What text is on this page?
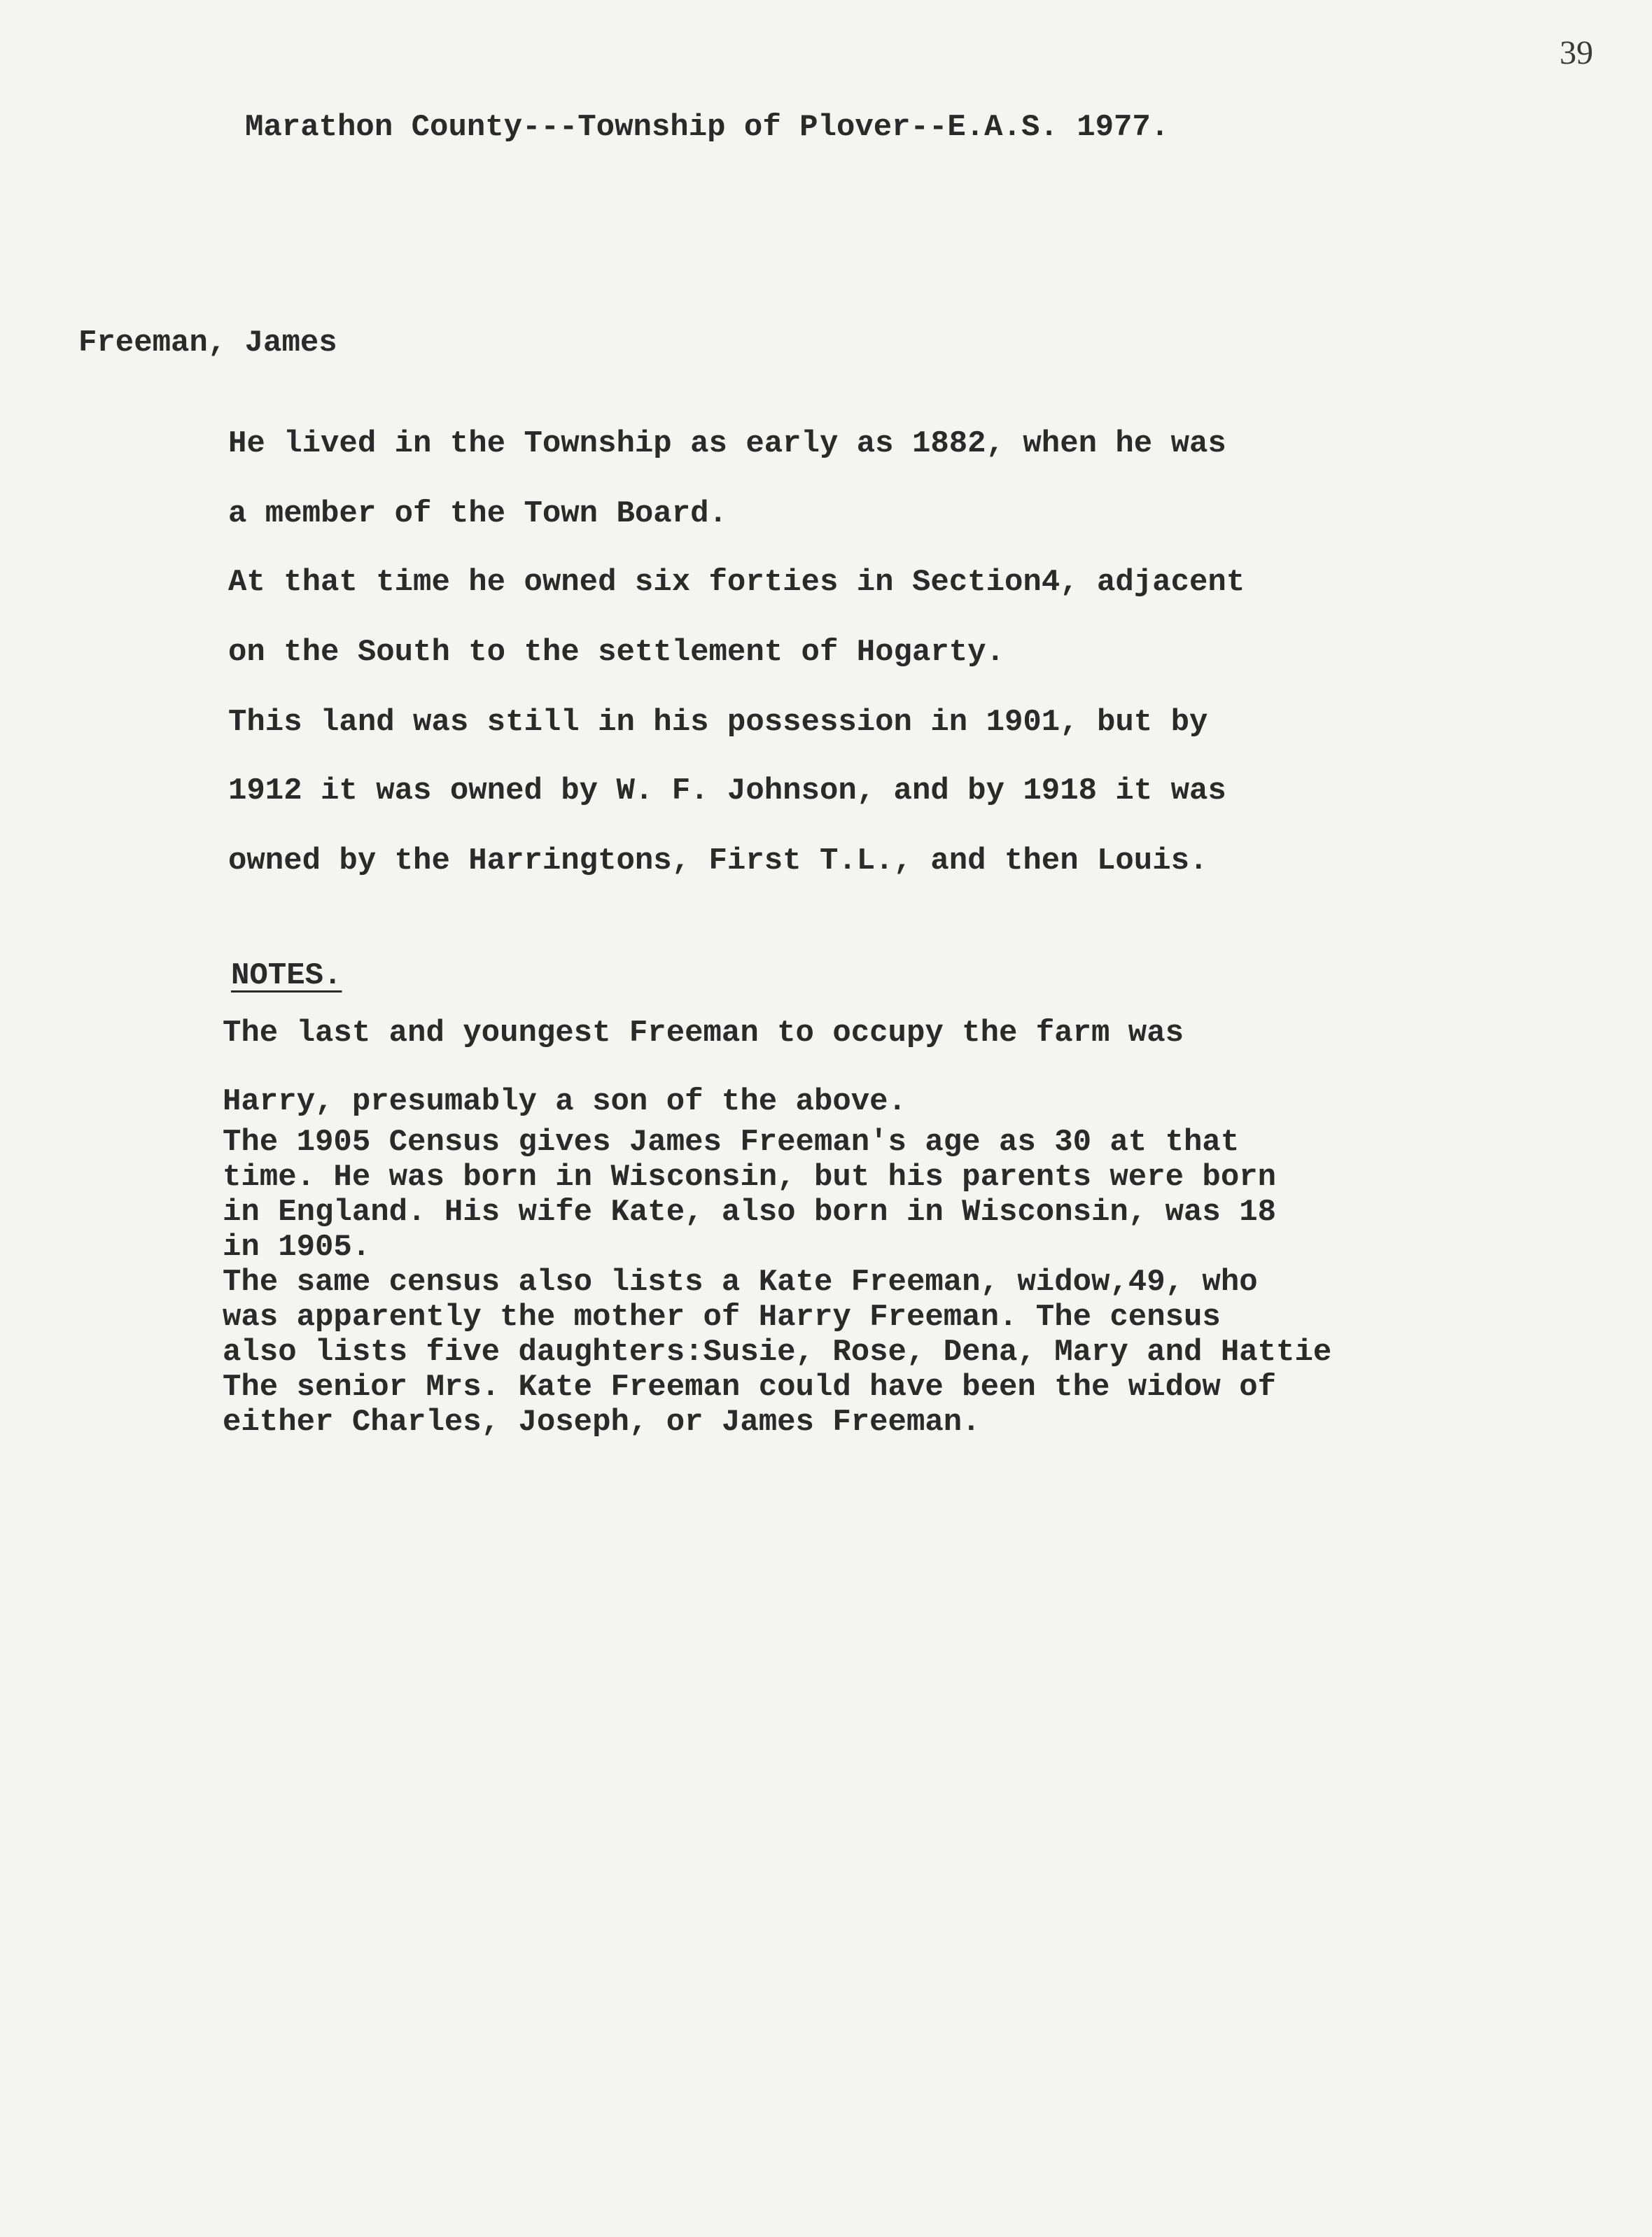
39
Marathon County---Township of Plover--E.A.S. 1977.
Freeman, James
He lived in the Township as early as 1882, when he was
a member of the Town Board.
At that time he owned six forties in Section4, adjacent
on the South to the settlement of Hogarty.
This land was still in his possession in 1901, but by
1912 it was owned by W. F. Johnson, and by 1918 it was
owned by the Harringtons, First T.L., and then Louis.
NOTES.
The last and youngest Freeman to occupy the farm was
Harry, presumably a son of the above.
The 1905 Census gives James Freeman's age as 30 at that
time. He was born in Wisconsin, but his parents were born
in England. His wife Kate, also born in Wisconsin, was 18
in 1905.
The same census also lists a Kate Freeman, widow,49, who
was apparently the mother of Harry Freeman. The census
also lists five daughters:Susie, Rose, Dena, Mary and Hattie
The senior Mrs. Kate Freeman could have been the widow of
either Charles, Joseph, or James Freeman.
